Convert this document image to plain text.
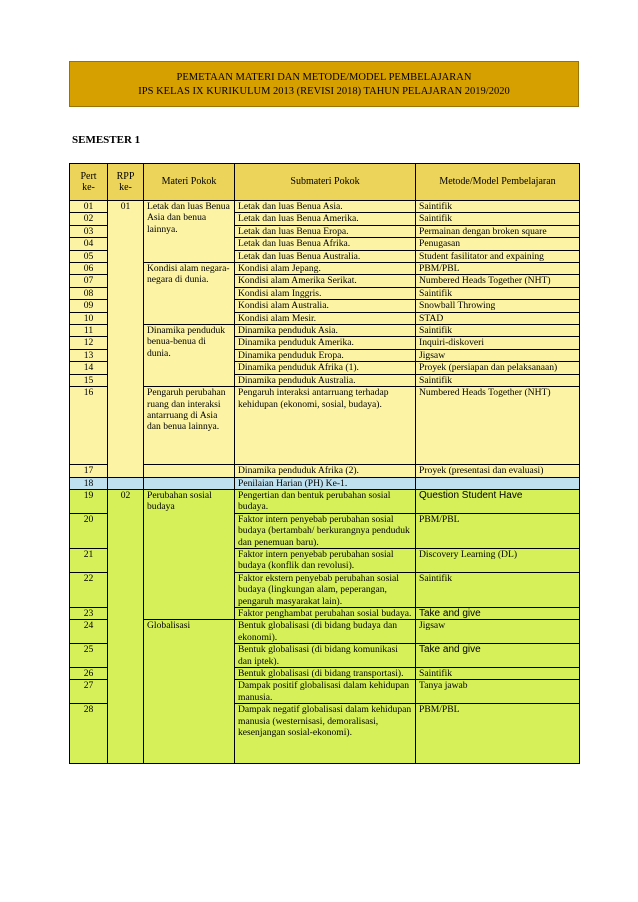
PEMETAAN MATERI DAN METODE/MODEL PEMBELAJARAN
IPS KELAS IX KURIKULUM 2013 (REVISI 2018) TAHUN PELAJARAN 2019/2020
SEMESTER 1
Pert ke-	RPP ke-	Materi Pokok	Submateri Pokok	Metode/Model Pembelajaran
01	01	Letak dan luas Benua Asia dan benua lainnya.	Letak dan luas Benua Asia.	Saintifik
02			Letak dan luas Benua Amerika.	Saintifik
03			Letak dan luas Benua Eropa.	Permainan dengan broken square
04			Letak dan luas Benua Afrika.	Penugasan
05			Letak dan luas Benua Australia.	Student fasilitator and expaining
06		Kondisi alam negara-negara di dunia.	Kondisi alam Jepang.	PBM/PBL
07			Kondisi alam Amerika Serikat.	Numbered Heads Together (NHT)
08			Kondisi alam Inggris.	Saintifik
09			Kondisi alam Australia.	Snowball Throwing
10			Kondisi alam Mesir.	STAD
11		Dinamika penduduk benua-benua di dunia.	Dinamika penduduk Asia.	Saintifik
12			Dinamika penduduk Amerika.	Inquiri-diskoveri
13			Dinamika penduduk Eropa.	Jigsaw
14			Dinamika penduduk Afrika (1).	Proyek (persiapan dan pelaksanaan)
15			Dinamika penduduk Australia.	Saintifik
16		Pengaruh perubahan ruang dan interaksi antarruang di Asia dan benua lainnya.	Pengaruh interaksi antarruang terhadap kehidupan (ekonomi, sosial, budaya).	Numbered Heads Together (NHT)
17			Dinamika penduduk Afrika (2).	Proyek (presentasi dan evaluasi)
18			Penilaian Harian (PH) Ke-1.	
19	02	Perubahan sosial budaya	Pengertian dan bentuk perubahan sosial budaya.	Question Student Have
20			Faktor intern penyebab perubahan sosial budaya (bertambah/ berkurangnya penduduk dan penemuan baru).	PBM/PBL
21			Faktor intern penyebab perubahan sosial budaya (konflik dan revolusi).	Discovery Learning (DL)
22			Faktor ekstern penyebab perubahan sosial budaya (lingkungan alam, peperangan, pengaruh masyarakat lain).	Saintifik
23			Faktor penghambat perubahan sosial budaya.	Take and give
24		Globalisasi	Bentuk globalisasi (di bidang budaya dan ekonomi).	Jigsaw
25			Bentuk globalisasi (di bidang komunikasi dan iptek).	Take and give
26			Bentuk globalisasi (di bidang transportasi).	Saintifik
27			Dampak positif globalisasi dalam kehidupan manusia.	Tanya jawab
28			Dampak negatif globalisasi dalam kehidupan manusia (westernisasi, demoralisasi, kesenjangan sosial-ekonomi).	PBM/PBL
